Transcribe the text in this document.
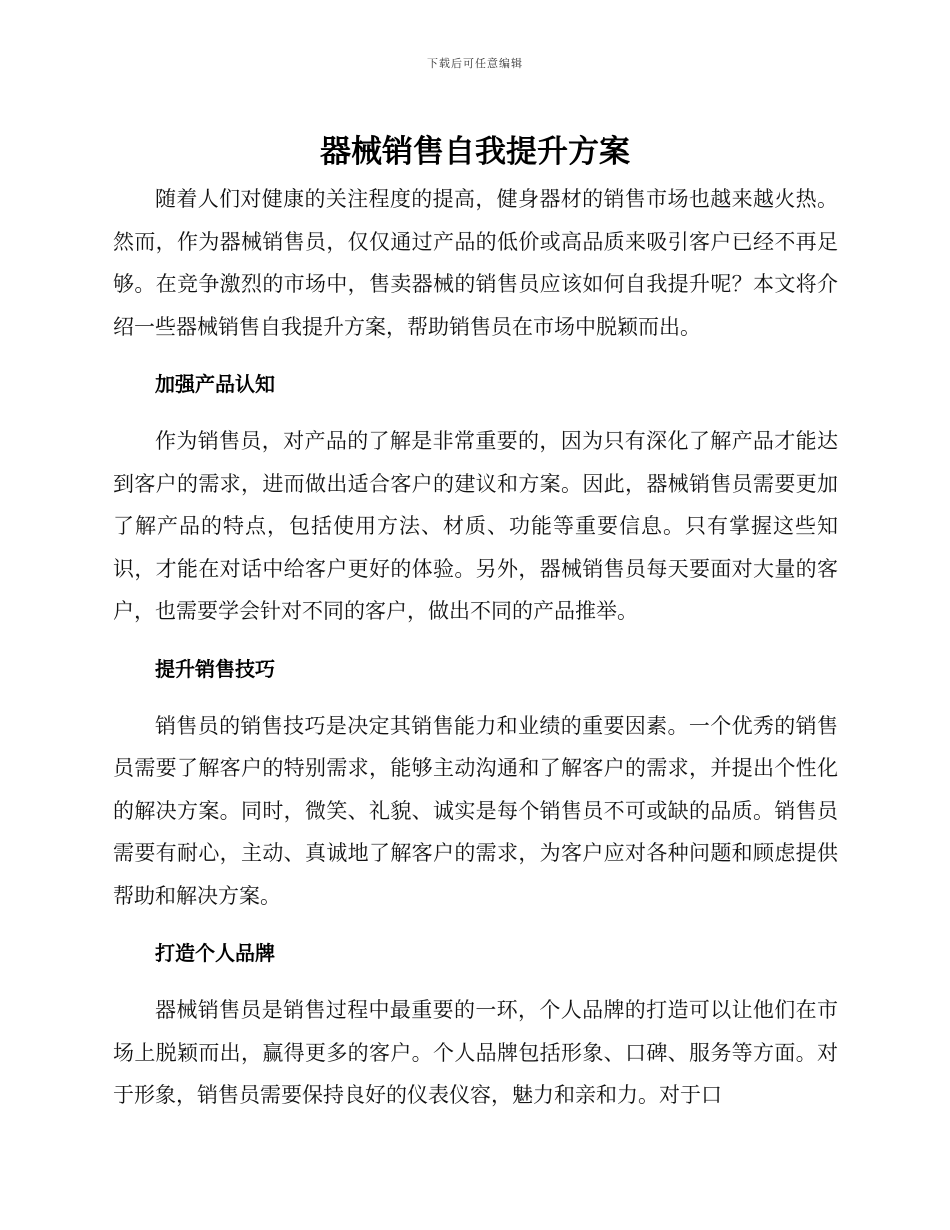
下载后可任意编辑
器械销售自我提升方案

随着人们对健康的关注程度的提高，健身器材的销售市场也越来越火热。然而，作为器械销售员，仅仅通过产品的低价或高品质来吸引客户已经不再足够。在竞争激烈的市场中，售卖器械的销售员应该如何自我提升呢？本文将介绍一些器械销售自我提升方案，帮助销售员在市场中脱颖而出。

加强产品认知

作为销售员，对产品的了解是非常重要的，因为只有深化了解产品才能达到客户的需求，进而做出适合客户的建议和方案。因此，器械销售员需要更加了解产品的特点，包括使用方法、材质、功能等重要信息。只有掌握这些知识，才能在对话中给客户更好的体验。另外，器械销售员每天要面对大量的客户，也需要学会针对不同的客户，做出不同的产品推举。

提升销售技巧

销售员的销售技巧是决定其销售能力和业绩的重要因素。一个优秀的销售员需要了解客户的特别需求，能够主动沟通和了解客户的需求，并提出个性化的解决方案。同时，微笑、礼貌、诚实是每个销售员不可或缺的品质。销售员需要有耐心，主动、真诚地了解客户的需求，为客户应对各种问题和顾虑提供帮助和解决方案。

打造个人品牌

器械销售员是销售过程中最重要的一环，个人品牌的打造可以让他们在市场上脱颖而出，赢得更多的客户。个人品牌包括形象、口碑、服务等方面。对于形象，销售员需要保持良好的仪表仪容，魅力和亲和力。对于口
